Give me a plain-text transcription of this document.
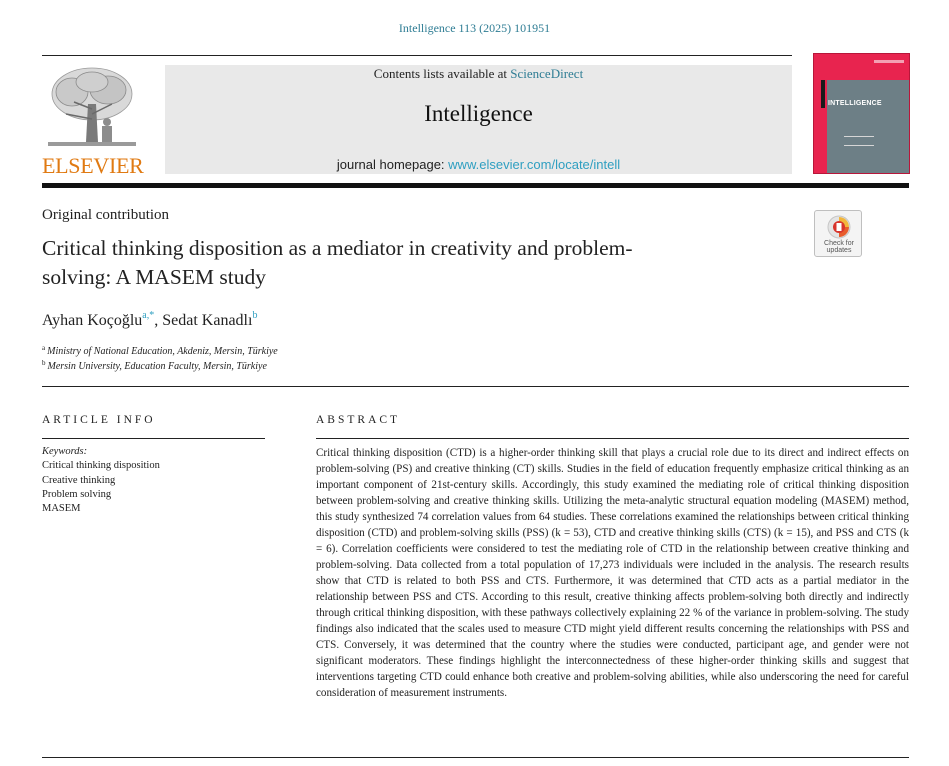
Intelligence 113 (2025) 101951
ELSEVIER
Contents lists available at ScienceDirect
Intelligence
journal homepage: www.elsevier.com/locate/intell
INTELLIGENCE
Original contribution
Critical thinking disposition as a mediator in creativity and problem-solving: A MASEM study
Check for
updates
Ayhan Koçoğlu$^{a,*}$, Sedat Kanadlı$^b$
$^a$ Ministry of National Education, Akdeniz, Mersin, Türkiye
$^b$ Mersin University, Education Faculty, Mersin, Türkiye
ARTICLE INFO	ABSTRACT
Keywords:
Critical thinking disposition
Creative thinking
Problem solving
MASEM
Critical thinking disposition (CTD) is a higher-order thinking skill that plays a crucial role due to its direct and indirect effects on problem-solving (PS) and creative thinking (CT) skills. Studies in the field of education frequently emphasize critical thinking as an important component of 21st-century skills. Accordingly, this study examined the mediating role of critical thinking disposition between problem-solving and creative thinking skills. Utilizing the meta-analytic structural equation modeling (MASEM) method, this study synthesized 74 correlation values from 64 studies. These correlations examined the relationships between critical thinking disposition (CTD) and problem-solving skills (PSS) (k = 53), CTD and creative thinking skills (CTS) (k = 15), and PSS and CTS (k = 6). Correlation coefficients were considered to test the mediating role of CTD in the relationship between creative thinking and problem-solving. Data collected from a total population of 17,273 individuals were included in the analysis. The research results show that CTD is related to both PSS and CTS. Furthermore, it was determined that CTD acts as a partial mediator in the relationship between PSS and CTS. According to this result, creative thinking affects problem-solving both directly and indirectly through critical thinking disposition, with these pathways collectively explaining 22 % of the variance in problem-solving. The study findings also indicated that the scales used to measure CTD might yield different results concerning the relationships with PSS and CTS. Conversely, it was determined that the country where the studies were conducted, participant age, and gender were not significant moderators. These findings highlight the interconnectedness of these higher-order thinking skills and suggest that interventions targeting CTD could enhance both creative and problem-solving abilities, while also underscoring the need for careful consideration of measurement instruments.
